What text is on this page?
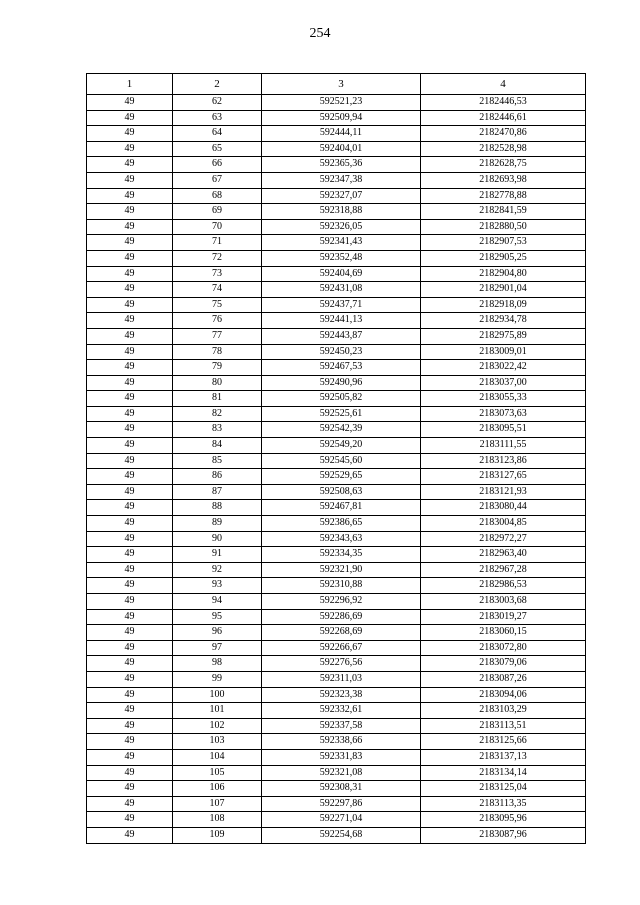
254
1	2	3	4
49	62	592521,23	2182446,53
49	63	592509,94	2182446,61
49	64	592444,11	2182470,86
49	65	592404,01	2182528,98
49	66	592365,36	2182628,75
49	67	592347,38	2182693,98
49	68	592327,07	2182778,88
49	69	592318,88	2182841,59
49	70	592326,05	2182880,50
49	71	592341,43	2182907,53
49	72	592352,48	2182905,25
49	73	592404,69	2182904,80
49	74	592431,08	2182901,04
49	75	592437,71	2182918,09
49	76	592441,13	2182934,78
49	77	592443,87	2182975,89
49	78	592450,23	2183009,01
49	79	592467,53	2183022,42
49	80	592490,96	2183037,00
49	81	592505,82	2183055,33
49	82	592525,61	2183073,63
49	83	592542,39	2183095,51
49	84	592549,20	2183111,55
49	85	592545,60	2183123,86
49	86	592529,65	2183127,65
49	87	592508,63	2183121,93
49	88	592467,81	2183080,44
49	89	592386,65	2183004,85
49	90	592343,63	2182972,27
49	91	592334,35	2182963,40
49	92	592321,90	2182967,28
49	93	592310,88	2182986,53
49	94	592296,92	2183003,68
49	95	592286,69	2183019,27
49	96	592268,69	2183060,15
49	97	592266,67	2183072,80
49	98	592276,56	2183079,06
49	99	592311,03	2183087,26
49	100	592323,38	2183094,06
49	101	592332,61	2183103,29
49	102	592337,58	2183113,51
49	103	592338,66	2183125,66
49	104	592331,83	2183137,13
49	105	592321,08	2183134,14
49	106	592308,31	2183125,04
49	107	592297,86	2183113,35
49	108	592271,04	2183095,96
49	109	592254,68	2183087,96
